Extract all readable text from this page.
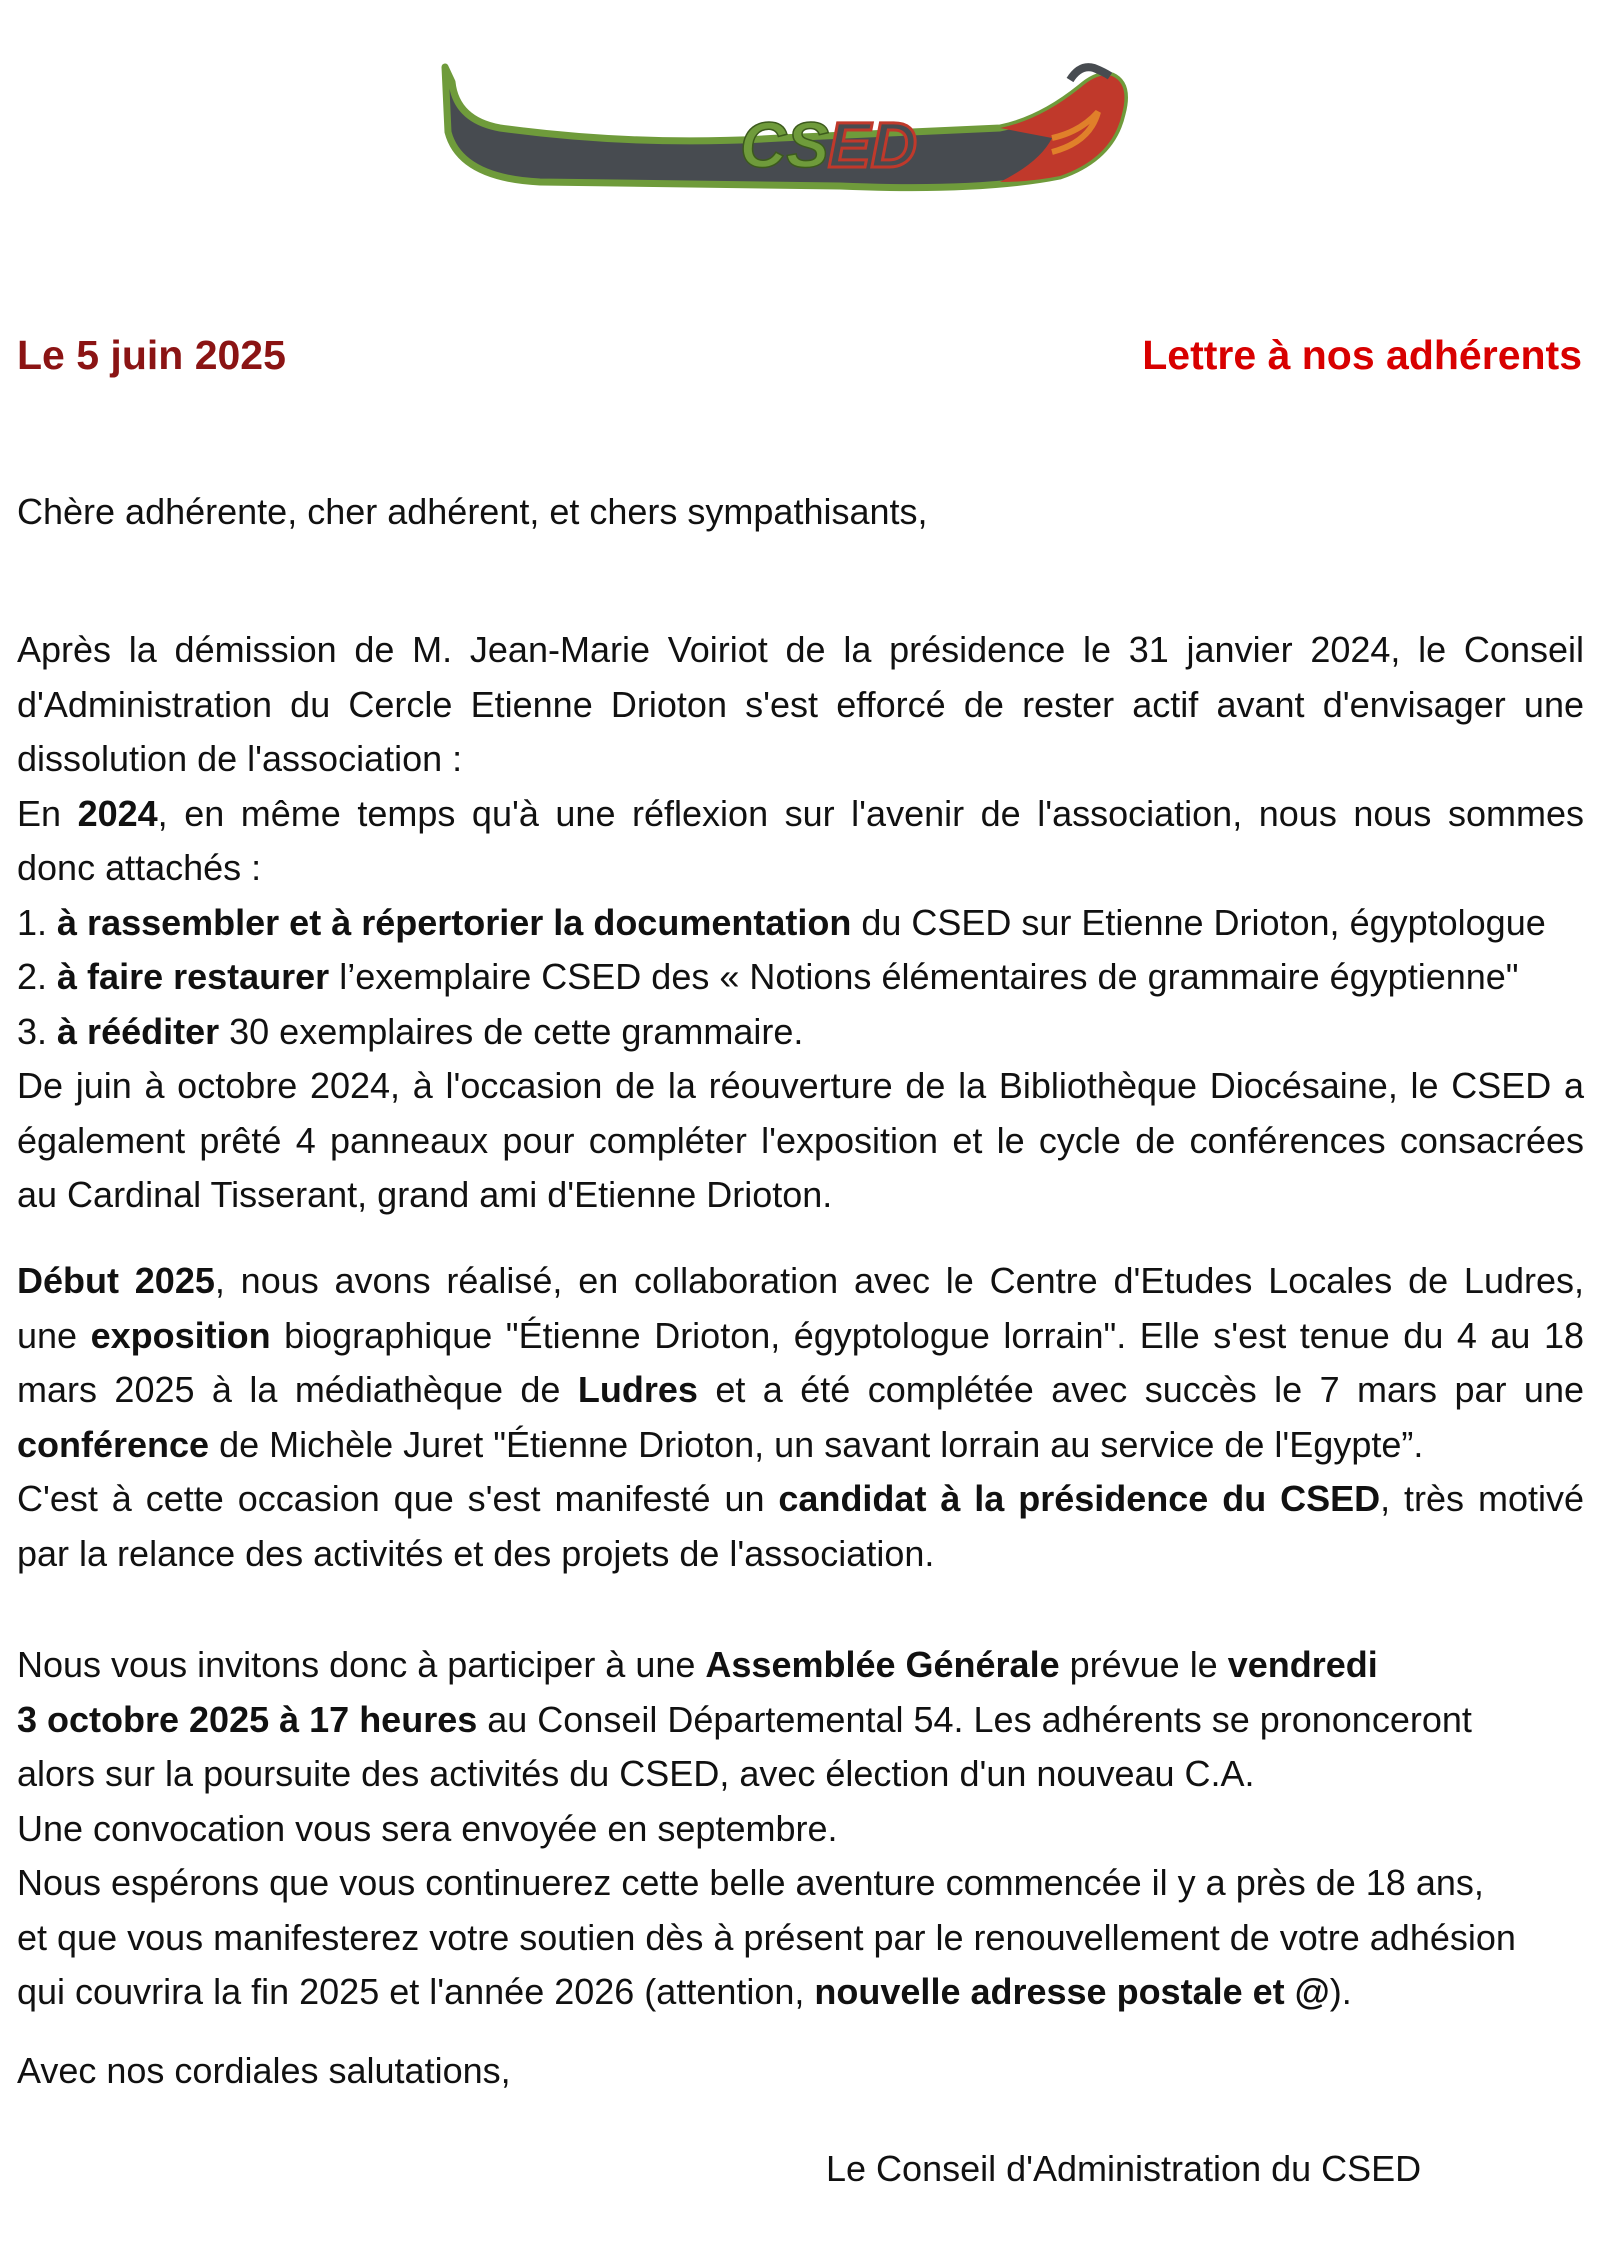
CS ED

Le 5 juin 2025	Lettre à nos adhérents

Chère adhérente, cher adhérent, et chers sympathisants,

Après la démission de M. Jean-Marie Voiriot de la présidence le 31 janvier 2024, le Conseil
d'Administration du Cercle Etienne Drioton s'est efforcé de rester actif avant d'envisager une
dissolution de l'association :
En 2024, en même temps qu'à une réflexion sur l'avenir de l'association, nous nous sommes
donc attachés :
1. à rassembler et à répertorier la documentation du CSED sur Etienne Drioton, égyptologue
2. à faire restaurer l’exemplaire CSED des « Notions élémentaires de grammaire égyptienne"
3. à rééditer 30 exemplaires de cette grammaire.
De juin à octobre 2024, à l'occasion de la réouverture de la Bibliothèque Diocésaine, le CSED a
également prêté 4 panneaux pour compléter l'exposition et le cycle de conférences consacrées
au Cardinal Tisserant, grand ami d'Etienne Drioton.
Début 2025, nous avons réalisé, en collaboration avec le Centre d'Etudes Locales de Ludres,
une exposition biographique "Étienne Drioton, égyptologue lorrain". Elle s'est tenue du 4 au 18
mars 2025 à la médiathèque de Ludres et a été complétée avec succès le 7 mars par une
conférence de Michèle Juret "Étienne Drioton, un savant lorrain au service de l'Egypte”.
C'est à cette occasion que s'est manifesté un candidat à la présidence du CSED, très motivé
par la relance des activités et des projets de l'association.
Nous vous invitons donc à participer à une Assemblée Générale prévue le vendredi
3 octobre 2025 à 17 heures au Conseil Départemental 54. Les adhérents se prononceront
alors sur la poursuite des activités du CSED, avec élection d'un nouveau C.A.
Une convocation vous sera envoyée en septembre.
Nous espérons que vous continuerez cette belle aventure commencée il y a près de 18 ans,
et que vous manifesterez votre soutien dès à présent par le renouvellement de votre adhésion
qui couvrira la fin 2025 et l'année 2026 (attention, nouvelle adresse postale et @).

Avec nos cordiales salutations,

Le Conseil d'Administration du CSED
